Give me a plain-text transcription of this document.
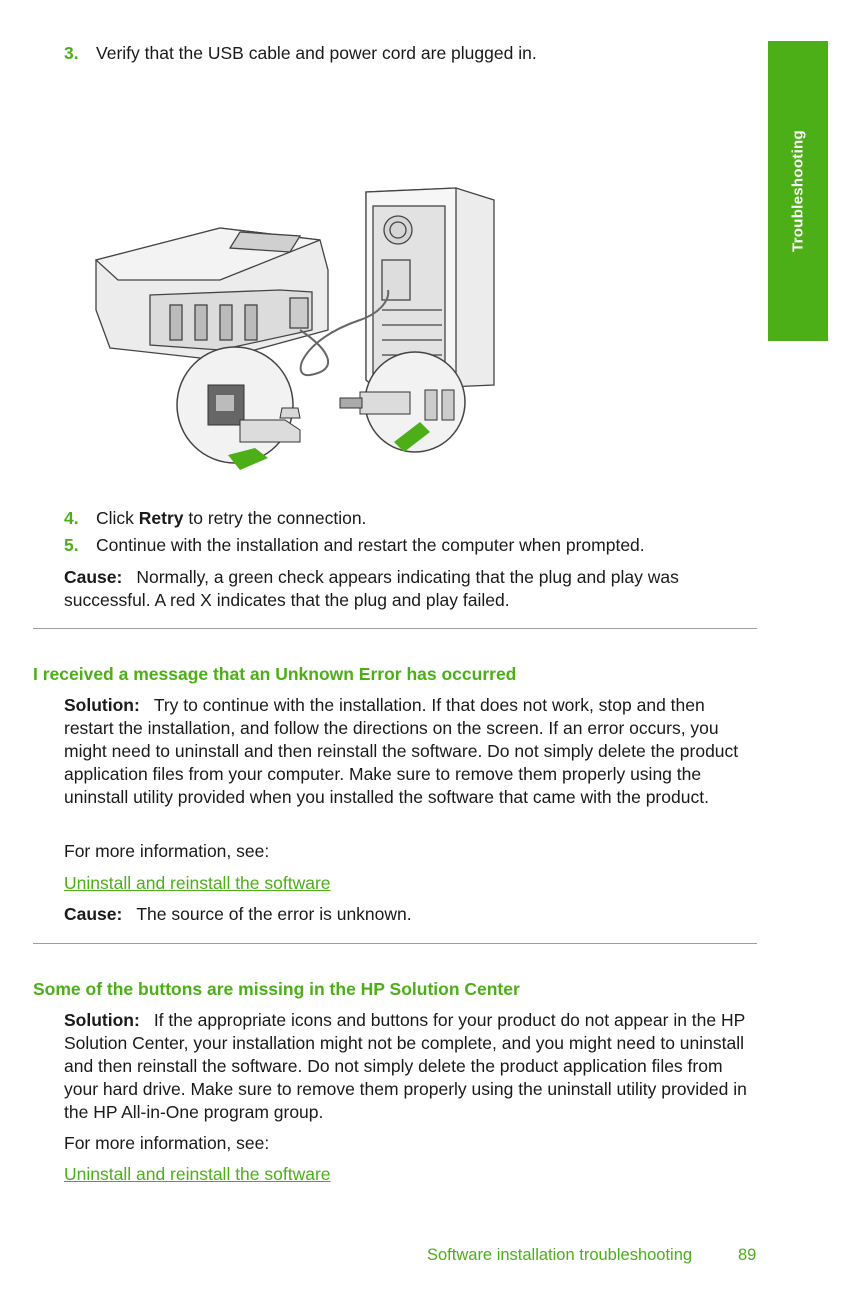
Troubleshooting
3. Verify that the USB cable and power cord are plugged in.
4. Click Retry to retry the connection.
5. Continue with the installation and restart the computer when prompted.
Cause: Normally, a green check appears indicating that the plug and play was successful. A red X indicates that the plug and play failed.
I received a message that an Unknown Error has occurred
Solution: Try to continue with the installation. If that does not work, stop and then restart the installation, and follow the directions on the screen. If an error occurs, you might need to uninstall and then reinstall the software. Do not simply delete the product application files from your computer. Make sure to remove them properly using the uninstall utility provided when you installed the software that came with the product.
For more information, see:
Uninstall and reinstall the software
Cause: The source of the error is unknown.
Some of the buttons are missing in the HP Solution Center
Solution: If the appropriate icons and buttons for your product do not appear in the HP Solution Center, your installation might not be complete, and you might need to uninstall and then reinstall the software. Do not simply delete the product application files from your hard drive. Make sure to remove them properly using the uninstall utility provided in the HP All-in-One program group.
For more information, see:
Uninstall and reinstall the software
Software installation troubleshooting	89
